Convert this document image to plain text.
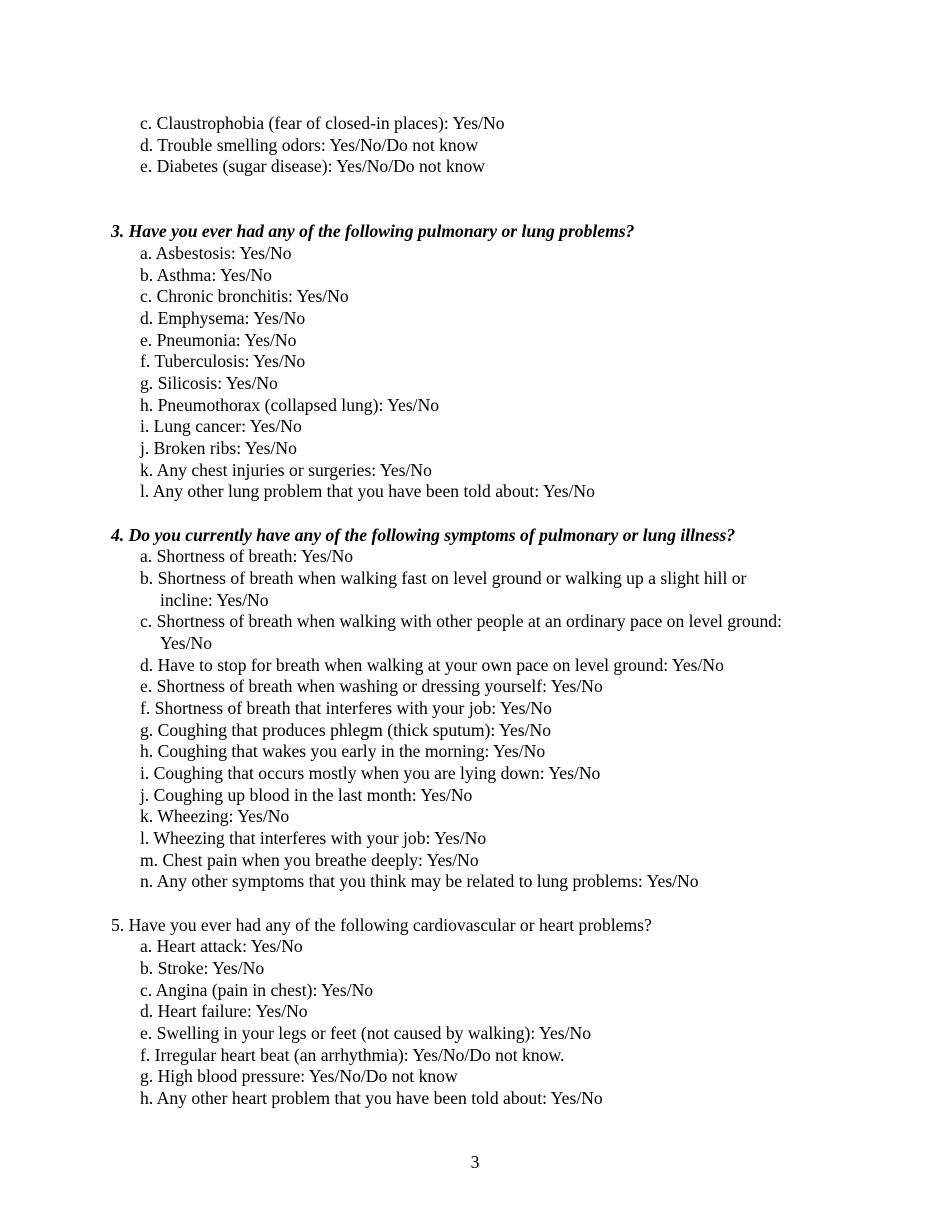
c. Claustrophobia (fear of closed-in places): Yes/No
d. Trouble smelling odors: Yes/No/Do not know
e. Diabetes (sugar disease): Yes/No/Do not know
3. Have you ever had any of the following pulmonary or lung problems?
a. Asbestosis: Yes/No
b. Asthma: Yes/No
c. Chronic bronchitis: Yes/No
d. Emphysema: Yes/No
e. Pneumonia: Yes/No
f. Tuberculosis: Yes/No
g. Silicosis: Yes/No
h. Pneumothorax (collapsed lung): Yes/No
i. Lung cancer: Yes/No
j. Broken ribs: Yes/No
k. Any chest injuries or surgeries: Yes/No
l. Any other lung problem that you have been told about: Yes/No
4. Do you currently have any of the following symptoms of pulmonary or lung illness?
a. Shortness of breath: Yes/No
b. Shortness of breath when walking fast on level ground or walking up a slight hill or
incline: Yes/No
c. Shortness of breath when walking with other people at an ordinary pace on level ground:
Yes/No
d. Have to stop for breath when walking at your own pace on level ground: Yes/No
e. Shortness of breath when washing or dressing yourself: Yes/No
f. Shortness of breath that interferes with your job: Yes/No
g. Coughing that produces phlegm (thick sputum): Yes/No
h. Coughing that wakes you early in the morning: Yes/No
i. Coughing that occurs mostly when you are lying down: Yes/No
j. Coughing up blood in the last month: Yes/No
k. Wheezing: Yes/No
l. Wheezing that interferes with your job: Yes/No
m. Chest pain when you breathe deeply: Yes/No
n. Any other symptoms that you think may be related to lung problems: Yes/No
5. Have you ever had any of the following cardiovascular or heart problems?
a. Heart attack: Yes/No
b. Stroke: Yes/No
c. Angina (pain in chest): Yes/No
d. Heart failure: Yes/No
e. Swelling in your legs or feet (not caused by walking): Yes/No
f. Irregular heart beat (an arrhythmia): Yes/No/Do not know.
g. High blood pressure: Yes/No/Do not know
h. Any other heart problem that you have been told about: Yes/No
3
